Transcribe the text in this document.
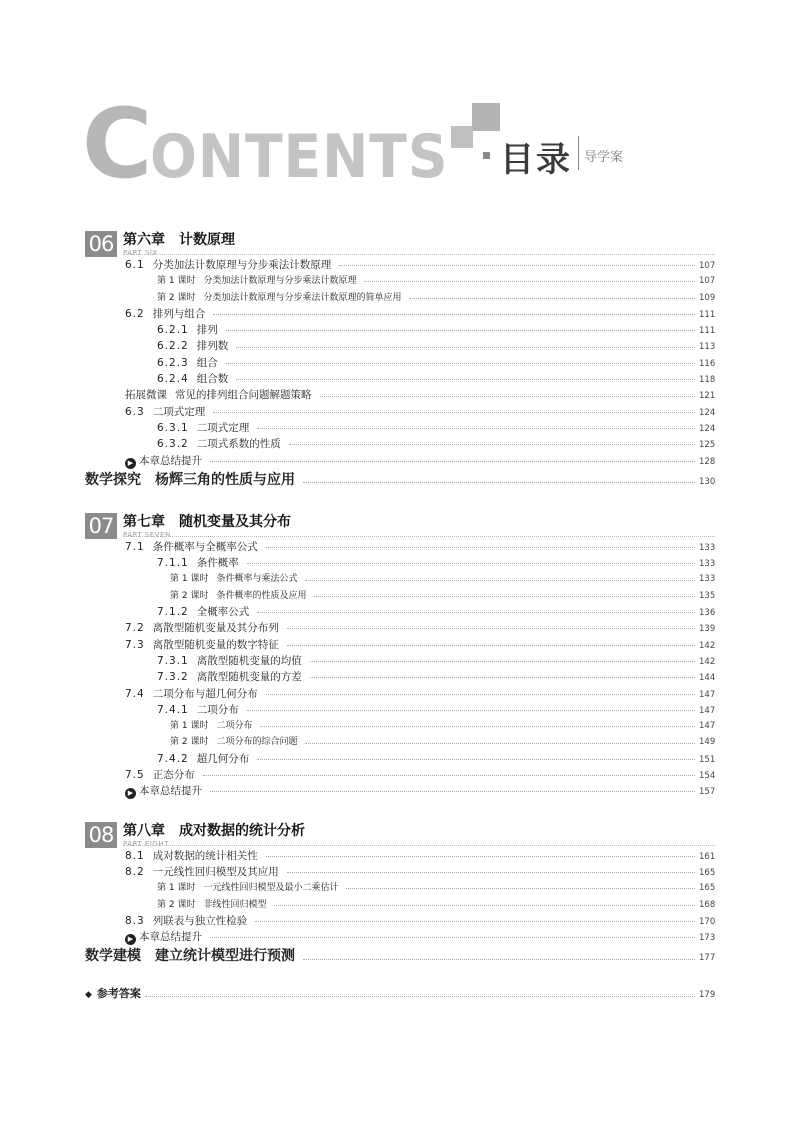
CONTENTS	目录 导学案
06 第六章 计数原理
PART SIX
6.1 分类加法计数原理与分步乘法计数原理	107
第 1 课时 分类加法计数原理与分步乘法计数原理	107
第 2 课时 分类加法计数原理与分步乘法计数原理的简单应用	109
6.2 排列与组合	111
6.2.1 排列	111
6.2.2 排列数	113
6.2.3 组合	116
6.2.4 组合数	118
拓展微课 常见的排列组合问题解题策略	121
6.3 二项式定理	124
6.3.1 二项式定理	124
6.3.2 二项式系数的性质	125
▶ 本章总结提升	128
数学探究 杨辉三角的性质与应用	130
07 第七章 随机变量及其分布
PART SEVEN
7.1 条件概率与全概率公式	133
7.1.1 条件概率	133
第 1 课时 条件概率与乘法公式	133
第 2 课时 条件概率的性质及应用	135
7.1.2 全概率公式	136
7.2 离散型随机变量及其分布列	139
7.3 离散型随机变量的数字特征	142
7.3.1 离散型随机变量的均值	142
7.3.2 离散型随机变量的方差	144
7.4 二项分布与超几何分布	147
7.4.1 二项分布	147
第 1 课时 二项分布	147
第 2 课时 二项分布的综合问题	149
7.4.2 超几何分布	151
7.5 正态分布	154
▶ 本章总结提升	157
08 第八章 成对数据的统计分析
PART EIGHT
8.1 成对数据的统计相关性	161
8.2 一元线性回归模型及其应用	165
第 1 课时 一元线性回归模型及最小二乘估计	165
第 2 课时 非线性回归模型	168
8.3 列联表与独立性检验	170
▶ 本章总结提升	173
数学建模 建立统计模型进行预测	177
◆ 参考答案	179
